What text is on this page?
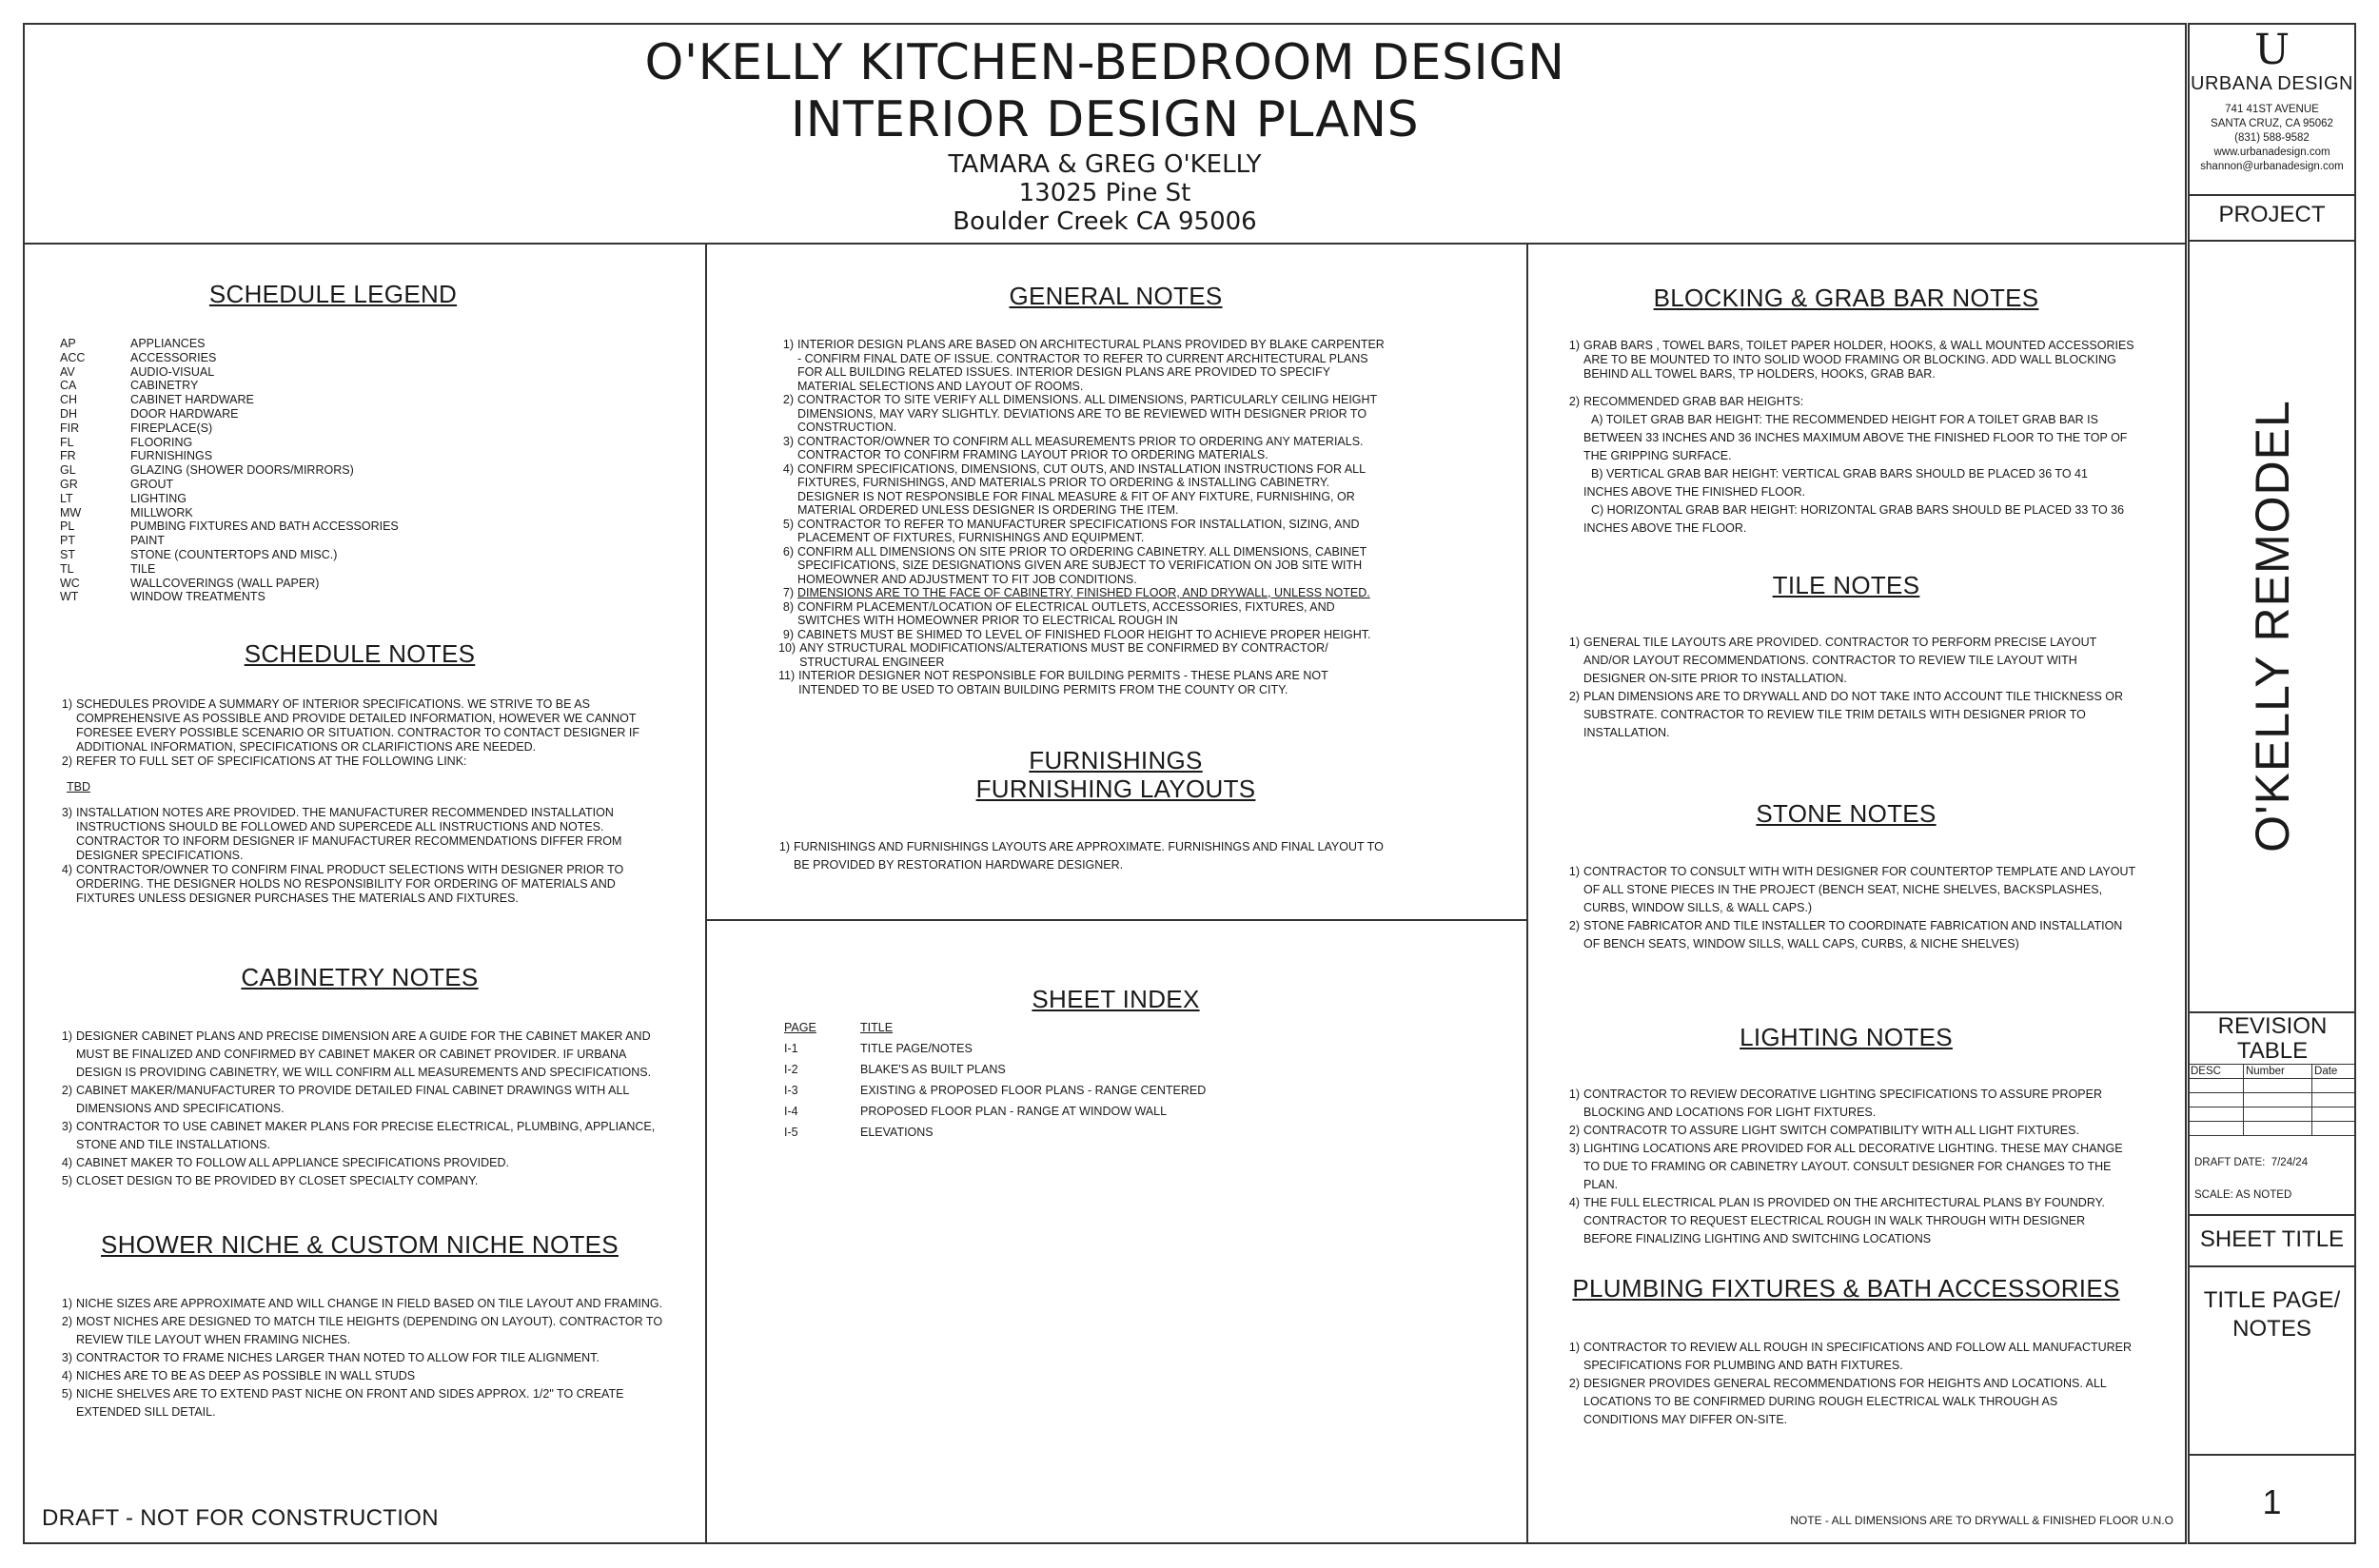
O'KELLY KITCHEN-BEDROOM DESIGN
INTERIOR DESIGN PLANS
TAMARA & GREG O'KELLY
13025 Pine St
Boulder Creek CA 95006
U
URBANA DESIGN
741 41ST AVENUE
SANTA CRUZ, CA 95062
(831) 588-9582
www.urbanadesign.com
shannon@urbanadesign.com
PROJECT
O'KELLY REMODEL
REVISION TABLE
DESC	Number	Date

DRAFT DATE:  7/24/24
SCALE: AS NOTED
SHEET TITLE
TITLE PAGE/ NOTES
1
SCHEDULE LEGEND
AP	APPLIANCES
ACC	ACCESSORIES
AV	AUDIO-VISUAL
CA	CABINETRY
CH	CABINET HARDWARE
DH	DOOR HARDWARE
FIR	FIREPLACE(S)
FL	FLOORING
FR	FURNISHINGS
GL	GLAZING (SHOWER DOORS/MIRRORS)
GR	GROUT
LT	LIGHTING
MW	MILLWORK
PL	PUMBING FIXTURES AND BATH ACCESSORIES
PT	PAINT
ST	STONE (COUNTERTOPS AND MISC.)
TL	TILE
WC	WALLCOVERINGS (WALL PAPER)
WT	WINDOW TREATMENTS
SCHEDULE NOTES
1) SCHEDULES PROVIDE A SUMMARY OF INTERIOR SPECIFICATIONS. WE STRIVE TO BE AS COMPREHENSIVE AS POSSIBLE AND PROVIDE DETAILED INFORMATION, HOWEVER WE CANNOT FORESEE EVERY POSSIBLE SCENARIO OR SITUATION. CONTRACTOR TO CONTACT DESIGNER IF ADDITIONAL INFORMATION, SPECIFICATIONS OR CLARIFICTIONS ARE NEEDED.
2) REFER TO FULL SET OF SPECIFICATIONS AT THE FOLLOWING LINK:
TBD
3) INSTALLATION NOTES ARE PROVIDED. THE MANUFACTURER RECOMMENDED INSTALLATION INSTRUCTIONS SHOULD BE FOLLOWED AND SUPERCEDE ALL INSTRUCTIONS AND NOTES. CONTRACTOR TO INFORM DESIGNER IF MANUFACTURER RECOMMENDATIONS DIFFER FROM DESIGNER SPECIFICATIONS.
4) CONTRACTOR/OWNER TO CONFIRM FINAL PRODUCT SELECTIONS WITH DESIGNER PRIOR TO ORDERING. THE DESIGNER HOLDS NO RESPONSIBILITY FOR ORDERING OF MATERIALS AND FIXTURES UNLESS DESIGNER PURCHASES THE MATERIALS AND FIXTURES.
CABINETRY NOTES
1) DESIGNER CABINET PLANS AND PRECISE DIMENSION ARE A GUIDE FOR THE CABINET MAKER AND MUST BE FINALIZED AND CONFIRMED BY CABINET MAKER OR CABINET PROVIDER. IF URBANA DESIGN IS PROVIDING CABINETRY, WE WILL CONFIRM ALL MEASUREMENTS AND SPECIFICATIONS.
2) CABINET MAKER/MANUFACTURER TO PROVIDE DETAILED FINAL CABINET DRAWINGS WITH ALL DIMENSIONS AND SPECIFICATIONS.
3) CONTRACTOR TO USE CABINET MAKER PLANS FOR PRECISE ELECTRICAL, PLUMBING, APPLIANCE, STONE AND TILE INSTALLATIONS.
4) CABINET MAKER TO FOLLOW ALL APPLIANCE SPECIFICATIONS PROVIDED.
5) CLOSET DESIGN TO BE PROVIDED BY CLOSET SPECIALTY COMPANY.
SHOWER NICHE & CUSTOM NICHE NOTES
1) NICHE SIZES ARE APPROXIMATE AND WILL CHANGE IN FIELD BASED ON TILE LAYOUT AND FRAMING.
2) MOST NICHES ARE DESIGNED TO MATCH TILE HEIGHTS (DEPENDING ON LAYOUT). CONTRACTOR TO REVIEW TILE LAYOUT WHEN FRAMING NICHES.
3) CONTRACTOR TO FRAME NICHES LARGER THAN NOTED TO ALLOW FOR TILE ALIGNMENT.
4) NICHES ARE TO BE AS DEEP AS POSSIBLE IN WALL STUDS
5) NICHE SHELVES ARE TO EXTEND PAST NICHE ON FRONT AND SIDES APPROX. 1/2" TO CREATE EXTENDED SILL DETAIL.
DRAFT - NOT FOR CONSTRUCTION
GENERAL NOTES
1) INTERIOR DESIGN PLANS ARE BASED ON ARCHITECTURAL PLANS PROVIDED BY BLAKE CARPENTER - CONFIRM FINAL DATE OF ISSUE. CONTRACTOR TO REFER TO CURRENT ARCHITECTURAL PLANS FOR ALL BUILDING RELATED ISSUES. INTERIOR DESIGN PLANS ARE PROVIDED TO SPECIFY MATERIAL SELECTIONS AND LAYOUT OF ROOMS.
2) CONTRACTOR TO SITE VERIFY ALL DIMENSIONS. ALL DIMENSIONS, PARTICULARLY CEILING HEIGHT DIMENSIONS, MAY VARY SLIGHTLY. DEVIATIONS ARE TO BE REVIEWED WITH DESIGNER PRIOR TO CONSTRUCTION.
3) CONTRACTOR/OWNER TO CONFIRM ALL MEASUREMENTS PRIOR TO ORDERING ANY MATERIALS. CONTRACTOR TO CONFIRM FRAMING LAYOUT PRIOR TO ORDERING MATERIALS.
4) CONFIRM SPECIFICATIONS, DIMENSIONS, CUT OUTS, AND INSTALLATION INSTRUCTIONS FOR ALL FIXTURES, FURNISHINGS, AND MATERIALS PRIOR TO ORDERING & INSTALLING CABINETRY. DESIGNER IS NOT RESPONSIBLE FOR FINAL MEASURE & FIT OF ANY FIXTURE, FURNISHING, OR MATERIAL ORDERED UNLESS DESIGNER IS ORDERING THE ITEM.
5) CONTRACTOR TO REFER TO MANUFACTURER SPECIFICATIONS FOR INSTALLATION, SIZING, AND PLACEMENT OF FIXTURES, FURNISHINGS AND EQUIPMENT.
6) CONFIRM ALL DIMENSIONS ON SITE PRIOR TO ORDERING CABINETRY. ALL DIMENSIONS, CABINET SPECIFICATIONS, SIZE DESIGNATIONS GIVEN ARE SUBJECT TO VERIFICATION ON JOB SITE WITH HOMEOWNER AND ADJUSTMENT TO FIT JOB CONDITIONS.
7) DIMENSIONS ARE TO THE FACE OF CABINETRY, FINISHED FLOOR, AND DRYWALL, UNLESS NOTED.
8) CONFIRM PLACEMENT/LOCATION OF ELECTRICAL OUTLETS, ACCESSORIES, FIXTURES, AND SWITCHES WITH HOMEOWNER PRIOR TO ELECTRICAL ROUGH IN
9) CABINETS MUST BE SHIMED TO LEVEL OF FINISHED FLOOR HEIGHT TO ACHIEVE PROPER HEIGHT.
10) ANY STRUCTURAL MODIFICATIONS/ALTERATIONS MUST BE CONFIRMED BY CONTRACTOR/ STRUCTURAL ENGINEER
11) INTERIOR DESIGNER NOT RESPONSIBLE FOR BUILDING PERMITS - THESE PLANS ARE NOT INTENDED TO BE USED TO OBTAIN BUILDING PERMITS FROM THE COUNTY OR CITY.
FURNISHINGS
FURNISHING LAYOUTS
1) FURNISHINGS AND FURNISHINGS LAYOUTS ARE APPROXIMATE. FURNISHINGS AND FINAL LAYOUT TO BE PROVIDED BY RESTORATION HARDWARE DESIGNER.
SHEET INDEX
PAGE	TITLE
I-1	TITLE PAGE/NOTES
I-2	BLAKE'S AS BUILT PLANS
I-3	EXISTING & PROPOSED FLOOR PLANS - RANGE CENTERED
I-4	PROPOSED FLOOR PLAN - RANGE AT WINDOW WALL
I-5	ELEVATIONS
BLOCKING & GRAB BAR NOTES
1) GRAB BARS , TOWEL BARS, TOILET PAPER HOLDER, HOOKS, & WALL MOUNTED ACCESSORIES ARE TO BE MOUNTED TO INTO SOLID WOOD FRAMING OR BLOCKING. ADD WALL BLOCKING BEHIND ALL TOWEL BARS, TP HOLDERS, HOOKS, GRAB BAR.
2) RECOMMENDED GRAB BAR HEIGHTS:

A) TOILET GRAB BAR HEIGHT: THE RECOMMENDED HEIGHT FOR A TOILET GRAB BAR IS BETWEEN 33 INCHES AND 36 INCHES MAXIMUM ABOVE THE FINISHED FLOOR TO THE TOP OF THE GRIPPING SURFACE.
B) VERTICAL GRAB BAR HEIGHT: VERTICAL GRAB BARS SHOULD BE PLACED 36 TO 41 INCHES ABOVE THE FINISHED FLOOR.
C) HORIZONTAL GRAB BAR HEIGHT: HORIZONTAL GRAB BARS SHOULD BE PLACED 33 TO 36 INCHES ABOVE THE FLOOR.
TILE NOTES
1) GENERAL TILE LAYOUTS ARE PROVIDED. CONTRACTOR TO PERFORM PRECISE LAYOUT AND/OR LAYOUT RECOMMENDATIONS. CONTRACTOR TO REVIEW TILE LAYOUT WITH DESIGNER ON-SITE PRIOR TO INSTALLATION.
2) PLAN DIMENSIONS ARE TO DRYWALL AND DO NOT TAKE INTO ACCOUNT TILE THICKNESS OR SUBSTRATE. CONTRACTOR TO REVIEW TILE TRIM DETAILS WITH DESIGNER PRIOR TO INSTALLATION.
STONE NOTES
1) CONTRACTOR TO CONSULT WITH WITH DESIGNER FOR COUNTERTOP TEMPLATE AND LAYOUT OF ALL STONE PIECES IN THE PROJECT (BENCH SEAT, NICHE SHELVES, BACKSPLASHES, CURBS, WINDOW SILLS, & WALL CAPS.)
2) STONE FABRICATOR AND TILE INSTALLER TO COORDINATE FABRICATION AND INSTALLATION OF BENCH SEATS, WINDOW SILLS, WALL CAPS, CURBS, & NICHE SHELVES)
LIGHTING NOTES
1) CONTRACTOR TO REVIEW DECORATIVE LIGHTING SPECIFICATIONS TO ASSURE PROPER BLOCKING AND LOCATIONS FOR LIGHT FIXTURES.
2) CONTRACOTR TO ASSURE LIGHT SWITCH COMPATIBILITY WITH ALL LIGHT FIXTURES.
3) LIGHTING LOCATIONS ARE PROVIDED FOR ALL DECORATIVE LIGHTING. THESE MAY CHANGE TO DUE TO FRAMING OR CABINETRY LAYOUT. CONSULT DESIGNER FOR CHANGES TO THE PLAN.
4) THE FULL ELECTRICAL PLAN IS PROVIDED ON THE ARCHITECTURAL PLANS BY FOUNDRY. CONTRACTOR TO REQUEST ELECTRICAL ROUGH IN WALK THROUGH WITH DESIGNER BEFORE FINALIZING LIGHTING AND SWITCHING LOCATIONS
PLUMBING FIXTURES & BATH ACCESSORIES
1) CONTRACTOR TO REVIEW ALL ROUGH IN SPECIFICATIONS AND FOLLOW ALL MANUFACTURER SPECIFICATIONS FOR PLUMBING AND BATH FIXTURES.
2) DESIGNER PROVIDES GENERAL RECOMMENDATIONS FOR HEIGHTS AND LOCATIONS. ALL LOCATIONS TO BE CONFIRMED DURING ROUGH ELECTRICAL WALK THROUGH AS CONDITIONS MAY DIFFER ON-SITE.
NOTE - ALL DIMENSIONS ARE TO DRYWALL & FINISHED FLOOR U.N.O
